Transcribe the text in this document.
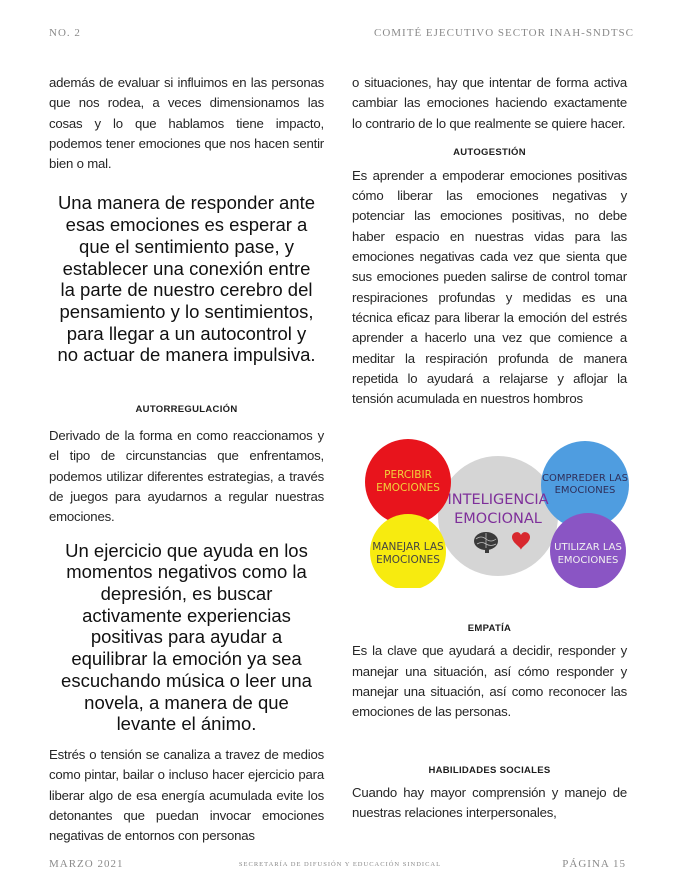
NO. 2	COMITÉ EJECUTIVO SECTOR INAH-SNDTSC

además de evaluar si influimos en las personas que nos rodea, a veces dimensionamos las cosas y lo que hablamos tiene impacto, podemos tener emociones que nos hacen sentir bien o mal.

Una manera de responder ante esas emociones es esperar a que el sentimiento pase, y establecer una conexión entre la parte de nuestro cerebro del pensamiento y lo sentimientos, para llegar a un autocontrol y no actuar de manera impulsiva.

AUTORREGULACIÓN

Derivado de la forma en como reaccionamos y el tipo de circunstancias que enfrentamos, podemos utilizar diferentes estrategias, a través de juegos para ayudarnos a regular nuestras emociones.

Un ejercicio que ayuda en los momentos negativos como la depresión, es buscar activamente experiencias positivas para ayudar a equilibrar la emoción ya sea escuchando música o leer una novela, a manera de que levante el ánimo.

Estrés o tensión se canaliza a travez de medios como pintar, bailar o incluso hacer ejercicio para liberar algo de esa energía acumulada evite los detonantes que puedan invocar emociones negativas de entornos con personas

o situaciones, hay que intentar de forma activa cambiar las emociones haciendo exactamente lo contrario de lo que realmente se quiere hacer.

AUTOGESTIÓN

Es aprender a empoderar emociones positivas cómo liberar las emociones negativas y potenciar las emociones positivas, no debe haber espacio en nuestras vidas para las emociones negativas cada vez que sienta que sus emociones pueden salirse de control tomar respiraciones profundas y medidas es una técnica eficaz para liberar la emoción del estrés aprender a hacerlo una vez que comience a meditar la respiración profunda de manera repetida lo ayudará a relajarse y aflojar la tensión acumulada en nuestros hombros

EMPATÍA

Es la clave que ayudará a decidir, responder y manejar una situación, así cómo responder y manejar una situación, así como reconocer las emociones de las personas.

HABILIDADES SOCIALES

Cuando hay mayor comprensión y manejo de nuestras relaciones interpersonales,

INTELIGENCIA
EMOCIONAL
PERCIBIR
EMOCIONES
COMPREDER LAS
EMOCIONES
MANEJAR LAS
EMOCIONES
UTILIZAR LAS
EMOCIONES
MARZO 2021	SECRETARÍA DE DIFUSIÓN Y EDUCACIÓN SINDICAL	PÁGINA 15
